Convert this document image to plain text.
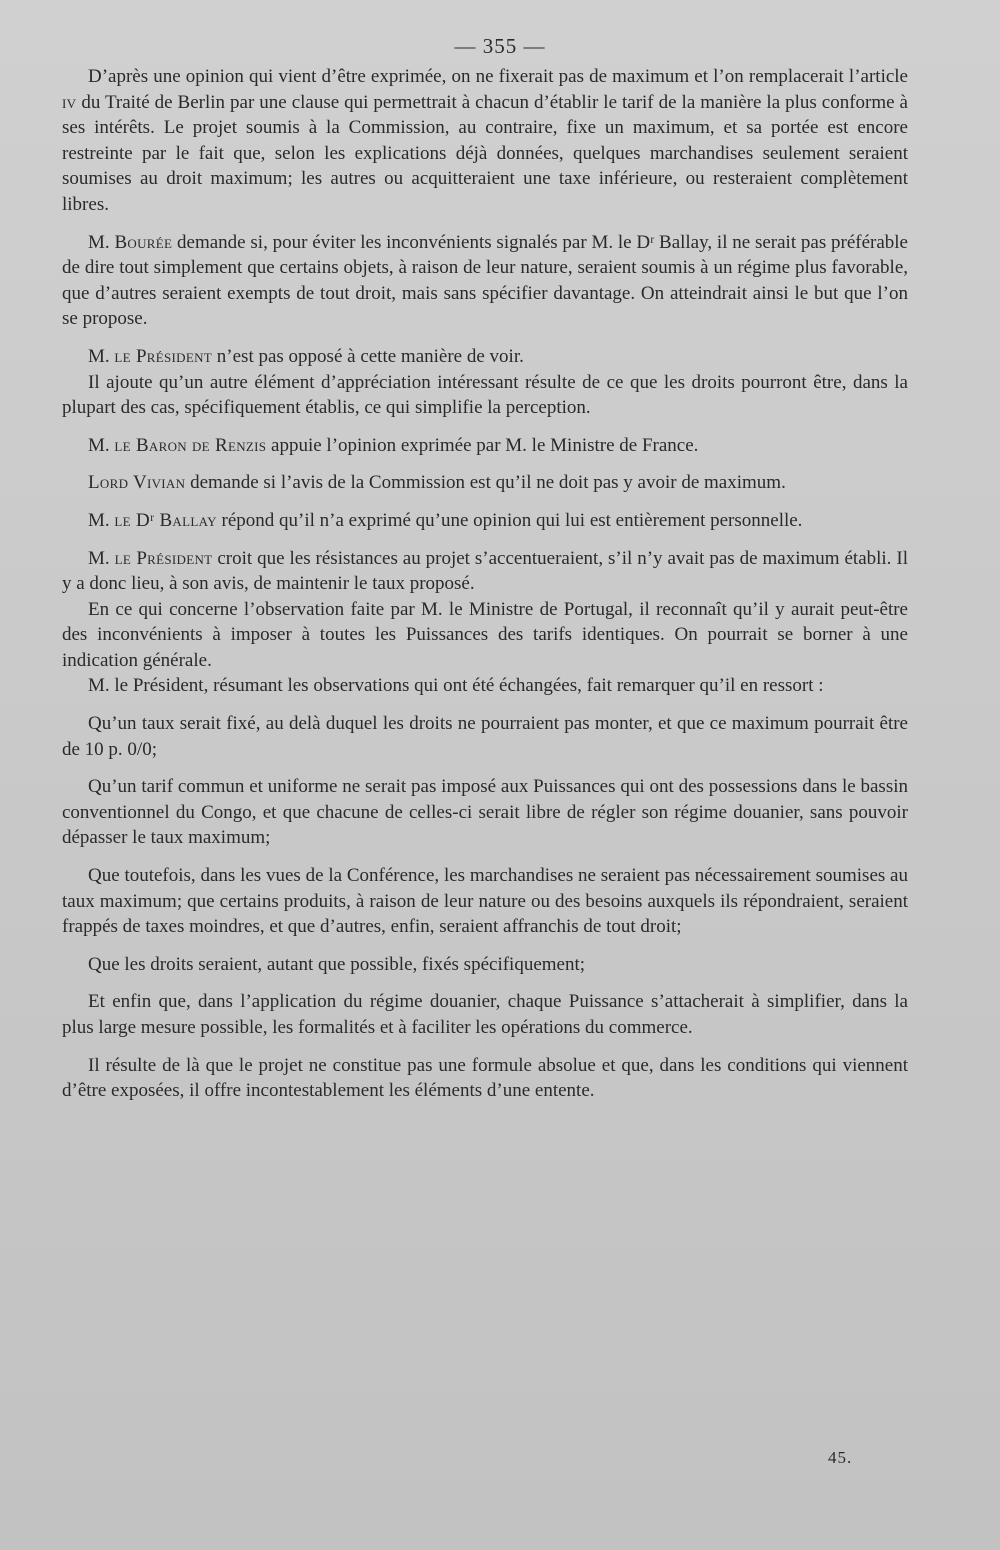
— 355 —

D’après une opinion qui vient d’être exprimée, on ne fixerait pas de maximum et l’on remplacerait l’article iv du Traité de Berlin par une clause qui permettrait à chacun d’établir le tarif de la manière la plus conforme à ses intérêts. Le projet soumis à la Commission, au contraire, fixe un maximum, et sa portée est encore restreinte par le fait que, selon les explications déjà données, quelques marchandises seulement seraient soumises au droit maximum; les autres ou acquitteraient une taxe inférieure, ou resteraient complètement libres.

M. Bourée demande si, pour éviter les inconvénients signalés par M. le Dʳ Ballay, il ne serait pas préférable de dire tout simplement que certains objets, à raison de leur nature, seraient soumis à un régime plus favorable, que d’autres seraient exempts de tout droit, mais sans spécifier davantage. On atteindrait ainsi le but que l’on se propose.

M. le Président n’est pas opposé à cette manière de voir.

Il ajoute qu’un autre élément d’appréciation intéressant résulte de ce que les droits pourront être, dans la plupart des cas, spécifiquement établis, ce qui simplifie la perception.

M. le Baron de Renzis appuie l’opinion exprimée par M. le Ministre de France.

Lord Vivian demande si l’avis de la Commission est qu’il ne doit pas y avoir de maximum.

M. le Dʳ Ballay répond qu’il n’a exprimé qu’une opinion qui lui est entièrement personnelle.

M. le Président croit que les résistances au projet s’accentueraient, s’il n’y avait pas de maximum établi. Il y a donc lieu, à son avis, de maintenir le taux proposé.

En ce qui concerne l’observation faite par M. le Ministre de Portugal, il reconnaît qu’il y aurait peut-être des inconvénients à imposer à toutes les Puissances des tarifs identiques. On pourrait se borner à une indication générale.

M. le Président, résumant les observations qui ont été échangées, fait remarquer qu’il en ressort :

Qu’un taux serait fixé, au delà duquel les droits ne pourraient pas monter, et que ce maximum pourrait être de 10 p. 0/0;

Qu’un tarif commun et uniforme ne serait pas imposé aux Puissances qui ont des possessions dans le bassin conventionnel du Congo, et que chacune de celles-ci serait libre de régler son régime douanier, sans pouvoir dépasser le taux maximum;

Que toutefois, dans les vues de la Conférence, les marchandises ne seraient pas nécessairement soumises au taux maximum; que certains produits, à raison de leur nature ou des besoins auxquels ils répondraient, seraient frappés de taxes moindres, et que d’autres, enfin, seraient affranchis de tout droit;

Que les droits seraient, autant que possible, fixés spécifiquement;

Et enfin que, dans l’application du régime douanier, chaque Puissance s’attacherait à simplifier, dans la plus large mesure possible, les formalités et à faciliter les opérations du commerce.

Il résulte de là que le projet ne constitue pas une formule absolue et que, dans les conditions qui viennent d’être exposées, il offre incontestablement les éléments d’une entente.

45.
